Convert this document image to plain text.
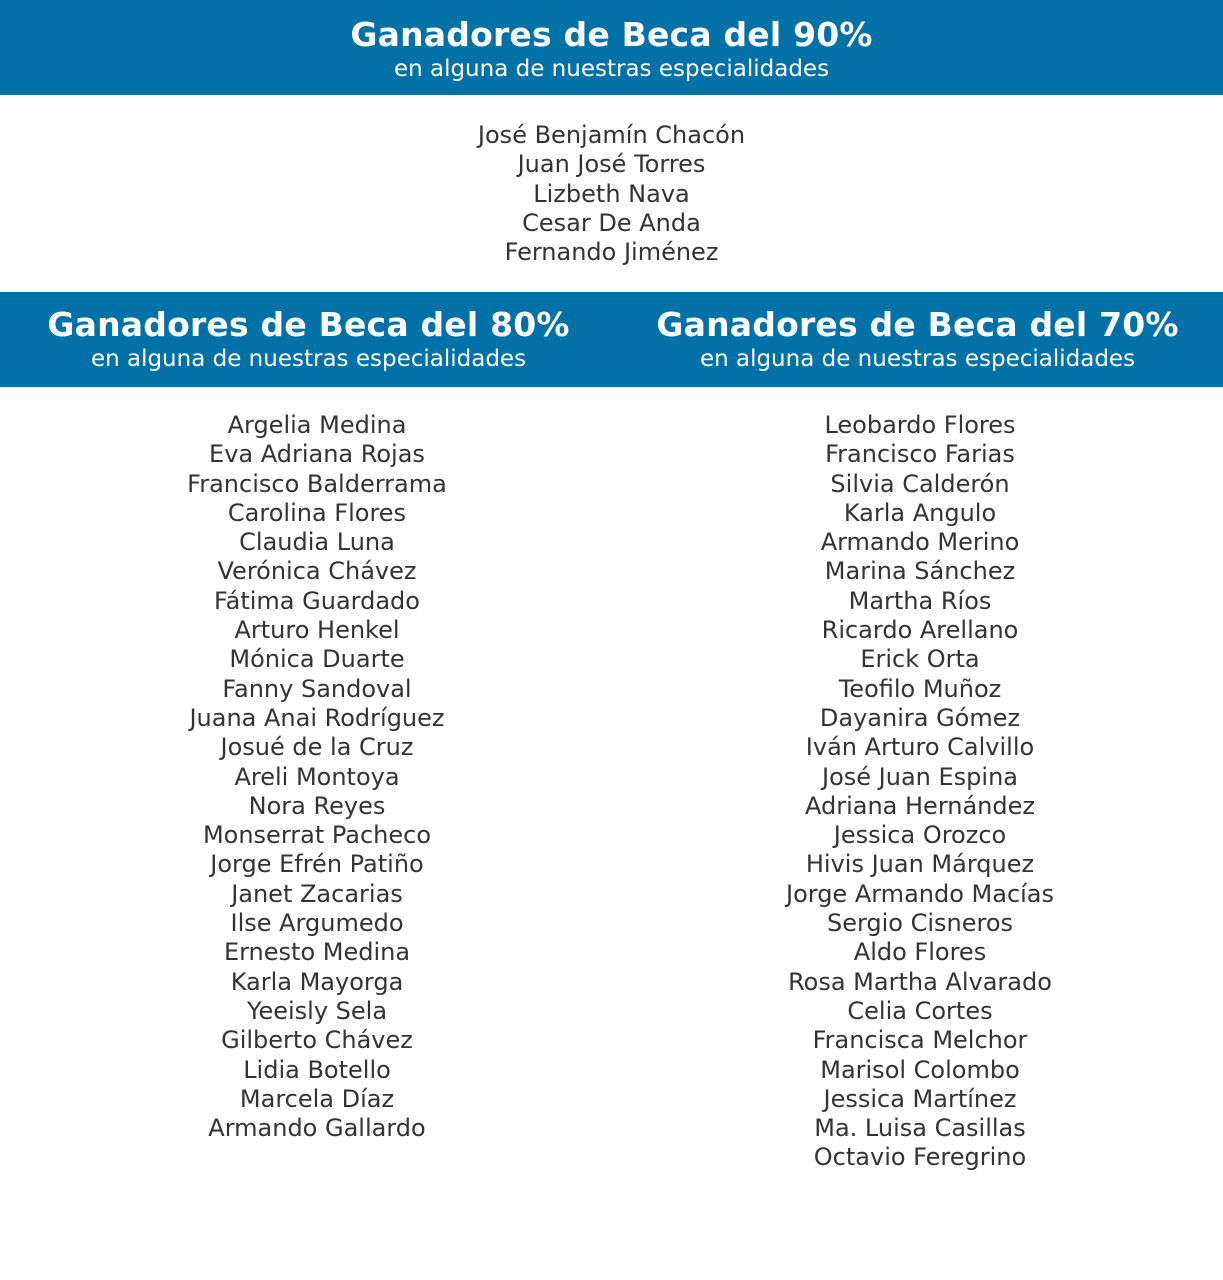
Ganadores de Beca del 90%
en alguna de nuestras especialidades
José Benjamín Chacón
Juan José Torres
Lizbeth Nava
Cesar De Anda
Fernando Jiménez
Ganadores de Beca del 80%
en alguna de nuestras especialidades
Ganadores de Beca del 70%
en alguna de nuestras especialidades
Argelia Medina
Eva Adriana Rojas
Francisco Balderrama
Carolina Flores
Claudia Luna
Verónica Chávez
Fátima Guardado
Arturo Henkel
Mónica Duarte
Fanny Sandoval
Juana Anai Rodríguez
Josué de la Cruz
Areli Montoya
Nora Reyes
Monserrat Pacheco
Jorge Efrén Patiño
Janet Zacarias
Ilse Argumedo
Ernesto Medina
Karla Mayorga
Yeeisly Sela
Gilberto Chávez
Lidia Botello
Marcela Díaz
Armando Gallardo
Leobardo Flores
Francisco Farias
Silvia Calderón
Karla Angulo
Armando Merino
Marina Sánchez
Martha Ríos
Ricardo Arellano
Erick Orta
Teofilo Muñoz
Dayanira Gómez
Iván Arturo Calvillo
José Juan Espina
Adriana Hernández
Jessica Orozco
Hivis Juan Márquez
Jorge Armando Macías
Sergio Cisneros
Aldo Flores
Rosa Martha Alvarado
Celia Cortes
Francisca Melchor
Marisol Colombo
Jessica Martínez
Ma. Luisa Casillas
Octavio Feregrino
